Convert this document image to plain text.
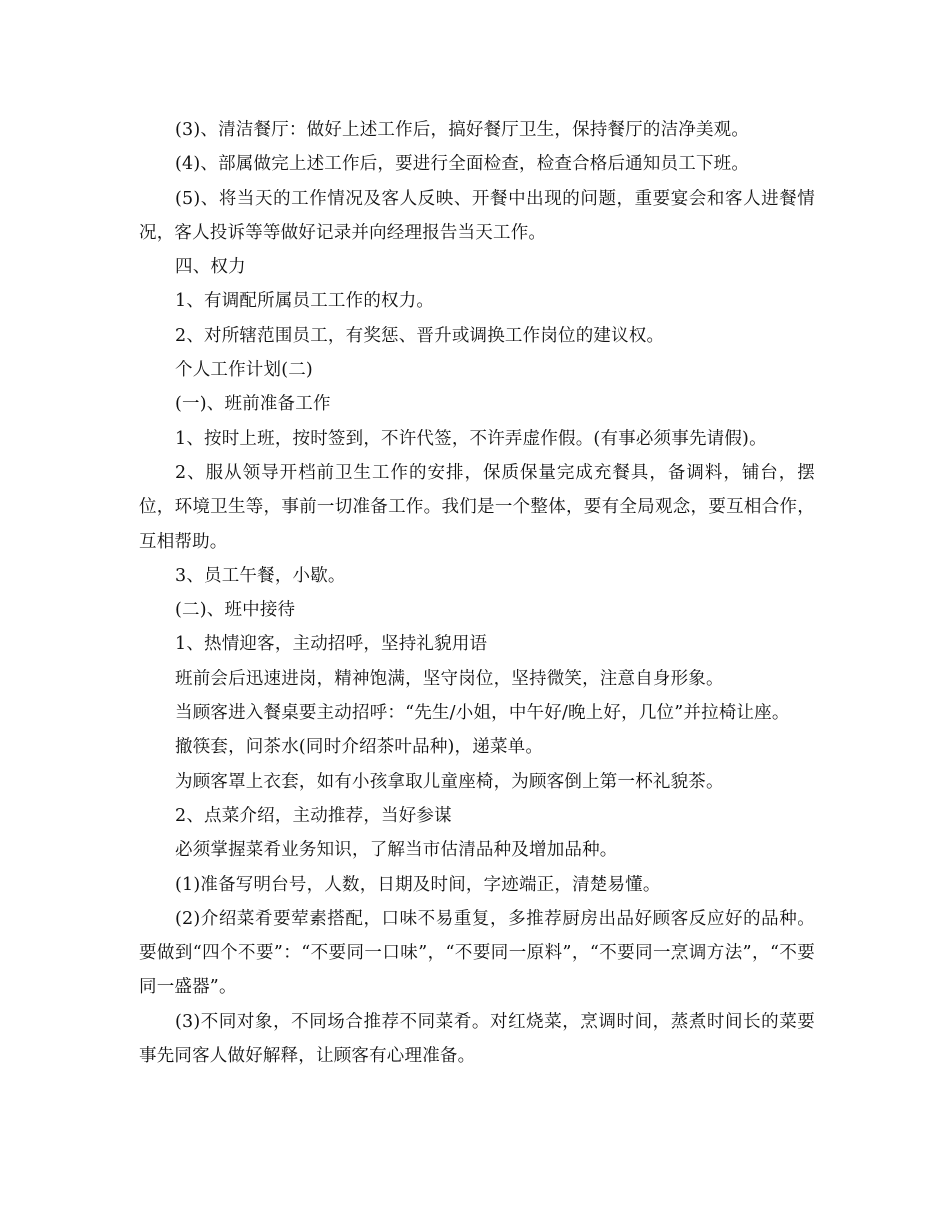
(3)、清洁餐厅：做好上述工作后，搞好餐厅卫生，保持餐厅的洁净美观。

(4)、部属做完上述工作后，要进行全面检查，检查合格后通知员工下班。

(5)、将当天的工作情况及客人反映、开餐中出现的问题，重要宴会和客人进餐情况，客人投诉等等做好记录并向经理报告当天工作。

四、权力

1、有调配所属员工工作的权力。

2、对所辖范围员工，有奖惩、晋升或调换工作岗位的建议权。

个人工作计划(二)

(一)、班前准备工作

1、按时上班，按时签到，不许代签，不许弄虚作假。(有事必须事先请假)。

2、服从领导开档前卫生工作的安排，保质保量完成充餐具，备调料，铺台，摆位，环境卫生等，事前一切准备工作。我们是一个整体，要有全局观念，要互相合作，互相帮助。

3、员工午餐，小歇。

(二)、班中接待

1、热情迎客，主动招呼，坚持礼貌用语

班前会后迅速进岗，精神饱满，坚守岗位，坚持微笑，注意自身形象。

当顾客进入餐桌要主动招呼：“先生/小姐，中午好/晚上好，几位”并拉椅让座。

撤筷套，问茶水(同时介绍茶叶品种)，递菜单。

为顾客罩上衣套，如有小孩拿取儿童座椅，为顾客倒上第一杯礼貌茶。

2、点菜介绍，主动推荐，当好参谋

必须掌握菜肴业务知识，了解当市估清品种及增加品种。

(1)准备写明台号，人数，日期及时间，字迹端正，清楚易懂。

(2)介绍菜肴要荤素搭配，口味不易重复，多推荐厨房出品好顾客反应好的品种。要做到“四个不要”：“不要同一口味”，“不要同一原料”，“不要同一烹调方法”，“不要同一盛器”。

(3)不同对象，不同场合推荐不同菜肴。对红烧菜，烹调时间，蒸煮时间长的菜要事先同客人做好解释，让顾客有心理准备。
